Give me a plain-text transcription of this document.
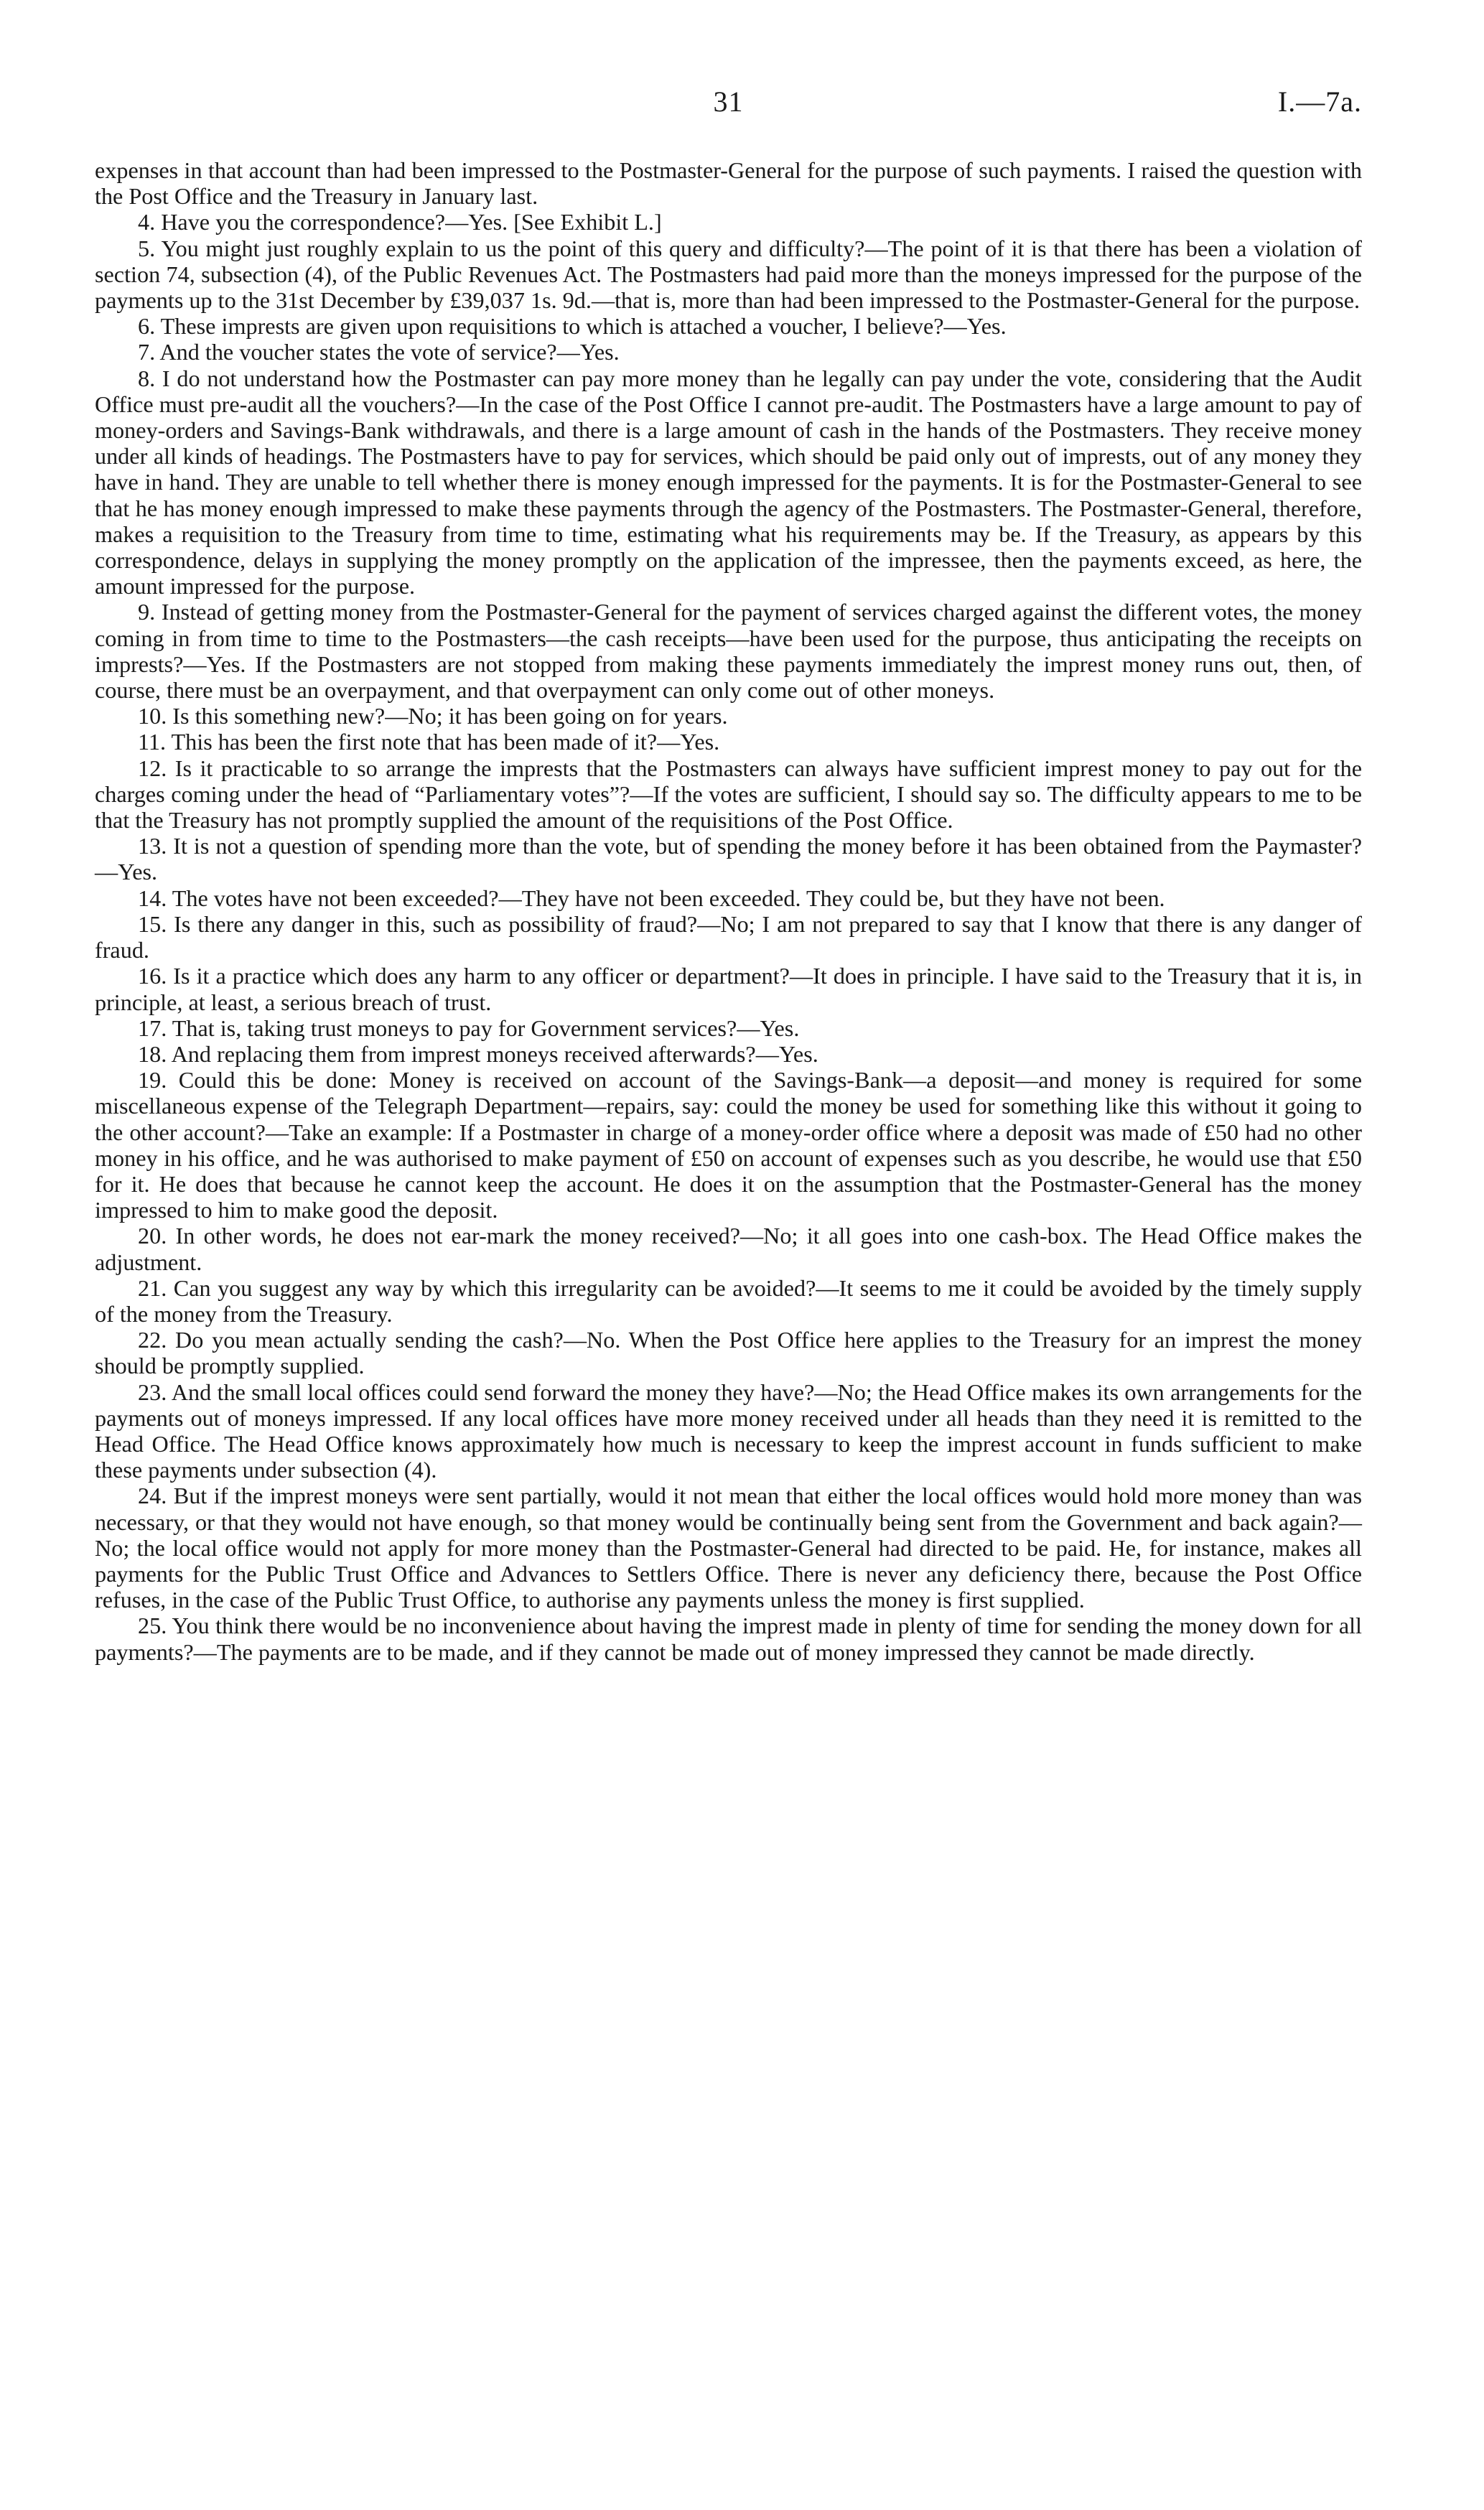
31	I.—7a.

expenses in that account than had been impressed to the Postmaster-General for the purpose of such payments. I raised the question with the Post Office and the Treasury in January last.

4. Have you the correspondence?—Yes. [See Exhibit L.]

5. You might just roughly explain to us the point of this query and difficulty?—The point of it is that there has been a violation of section 74, subsection (4), of the Public Revenues Act. The Postmasters had paid more than the moneys impressed for the purpose of the payments up to the 31st December by £39,037 1s. 9d.—that is, more than had been impressed to the Postmaster-General for the purpose.

6. These imprests are given upon requisitions to which is attached a voucher, I believe?—Yes.

7. And the voucher states the vote of service?—Yes.

8. I do not understand how the Postmaster can pay more money than he legally can pay under the vote, considering that the Audit Office must pre-audit all the vouchers?—In the case of the Post Office I cannot pre-audit. The Postmasters have a large amount to pay of money-orders and Savings-Bank withdrawals, and there is a large amount of cash in the hands of the Postmasters. They receive money under all kinds of headings. The Postmasters have to pay for services, which should be paid only out of imprests, out of any money they have in hand. They are unable to tell whether there is money enough impressed for the payments. It is for the Postmaster-General to see that he has money enough impressed to make these payments through the agency of the Postmasters. The Postmaster-General, therefore, makes a requisition to the Treasury from time to time, estimating what his requirements may be. If the Treasury, as appears by this correspondence, delays in supplying the money promptly on the application of the impressee, then the payments exceed, as here, the amount impressed for the purpose.

9. Instead of getting money from the Postmaster-General for the payment of services charged against the different votes, the money coming in from time to time to the Postmasters—the cash receipts—have been used for the purpose, thus anticipating the receipts on imprests?—Yes. If the Postmasters are not stopped from making these payments immediately the imprest money runs out, then, of course, there must be an overpayment, and that overpayment can only come out of other moneys.

10. Is this something new?—No; it has been going on for years.

11. This has been the first note that has been made of it?—Yes.

12. Is it practicable to so arrange the imprests that the Postmasters can always have sufficient imprest money to pay out for the charges coming under the head of “Parliamentary votes”?—If the votes are sufficient, I should say so. The difficulty appears to me to be that the Treasury has not promptly supplied the amount of the requisitions of the Post Office.

13. It is not a question of spending more than the vote, but of spending the money before it has been obtained from the Paymaster?—Yes.

14. The votes have not been exceeded?—They have not been exceeded. They could be, but they have not been.

15. Is there any danger in this, such as possibility of fraud?—No; I am not prepared to say that I know that there is any danger of fraud.

16. Is it a practice which does any harm to any officer or department?—It does in principle. I have said to the Treasury that it is, in principle, at least, a serious breach of trust.

17. That is, taking trust moneys to pay for Government services?—Yes.

18. And replacing them from imprest moneys received afterwards?—Yes.

19. Could this be done: Money is received on account of the Savings-Bank—a deposit—and money is required for some miscellaneous expense of the Telegraph Department—repairs, say: could the money be used for something like this without it going to the other account?—Take an example: If a Postmaster in charge of a money-order office where a deposit was made of £50 had no other money in his office, and he was authorised to make payment of £50 on account of expenses such as you describe, he would use that £50 for it. He does that because he cannot keep the account. He does it on the assumption that the Postmaster-General has the money impressed to him to make good the deposit.

20. In other words, he does not ear-mark the money received?—No; it all goes into one cash-box. The Head Office makes the adjustment.

21. Can you suggest any way by which this irregularity can be avoided?—It seems to me it could be avoided by the timely supply of the money from the Treasury.

22. Do you mean actually sending the cash?—No. When the Post Office here applies to the Treasury for an imprest the money should be promptly supplied.

23. And the small local offices could send forward the money they have?—No; the Head Office makes its own arrangements for the payments out of moneys impressed. If any local offices have more money received under all heads than they need it is remitted to the Head Office. The Head Office knows approximately how much is necessary to keep the imprest account in funds sufficient to make these payments under subsection (4).

24. But if the imprest moneys were sent partially, would it not mean that either the local offices would hold more money than was necessary, or that they would not have enough, so that money would be continually being sent from the Government and back again?—No; the local office would not apply for more money than the Postmaster-General had directed to be paid. He, for instance, makes all payments for the Public Trust Office and Advances to Settlers Office. There is never any deficiency there, because the Post Office refuses, in the case of the Public Trust Office, to authorise any payments unless the money is first supplied.

25. You think there would be no inconvenience about having the imprest made in plenty of time for sending the money down for all payments?—The payments are to be made, and if they cannot be made out of money impressed they cannot be made directly.
